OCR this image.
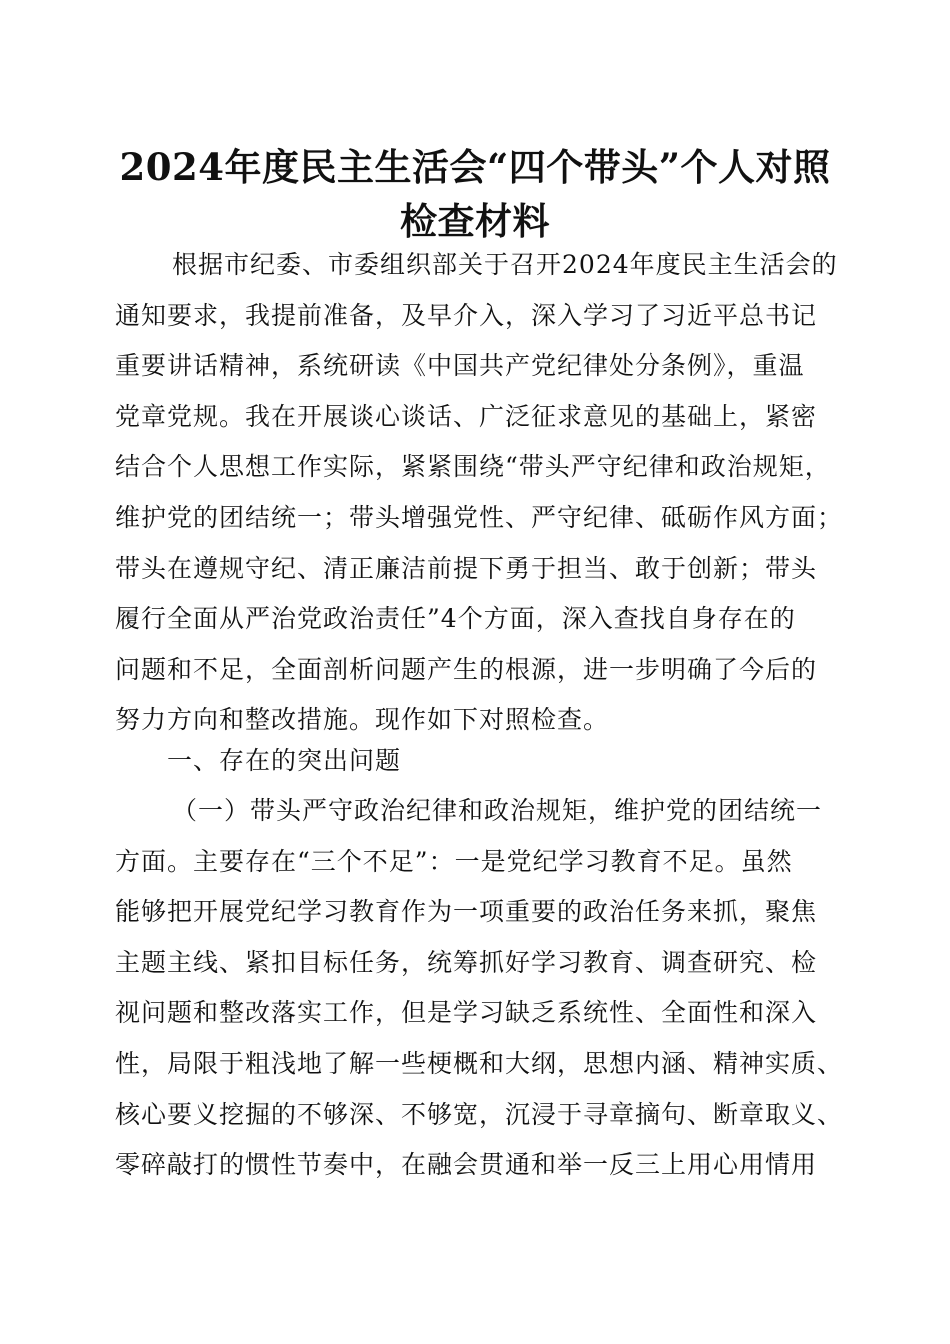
2024年度民主生活会“四个带头”个人对照
检查材料
根据市纪委、市委组织部关于召开2024年度民主生活会的
通知要求，我提前准备，及早介入，深入学习了习近平总书记
重要讲话精神，系统研读《中国共产党纪律处分条例》，重温
党章党规。我在开展谈心谈话、广泛征求意见的基础上，紧密
结合个人思想工作实际，紧紧围绕“带头严守纪律和政治规矩，
维护党的团结统一；带头增强党性、严守纪律、砥砺作风方面；
带头在遵规守纪、清正廉洁前提下勇于担当、敢于创新；带头
履行全面从严治党政治责任”4个方面，深入查找自身存在的
问题和不足，全面剖析问题产生的根源，进一步明确了今后的
努力方向和整改措施。现作如下对照检查。
一、存在的突出问题
（一）带头严守政治纪律和政治规矩，维护党的团结统一
方面。主要存在“三个不足”：一是党纪学习教育不足。虽然
能够把开展党纪学习教育作为一项重要的政治任务来抓，聚焦
主题主线、紧扣目标任务，统筹抓好学习教育、调查研究、检
视问题和整改落实工作，但是学习缺乏系统性、全面性和深入
性，局限于粗浅地了解一些梗概和大纲，思想内涵、精神实质、
核心要义挖掘的不够深、不够宽，沉浸于寻章摘句、断章取义、
零碎敲打的惯性节奏中，在融会贯通和举一反三上用心用情用
